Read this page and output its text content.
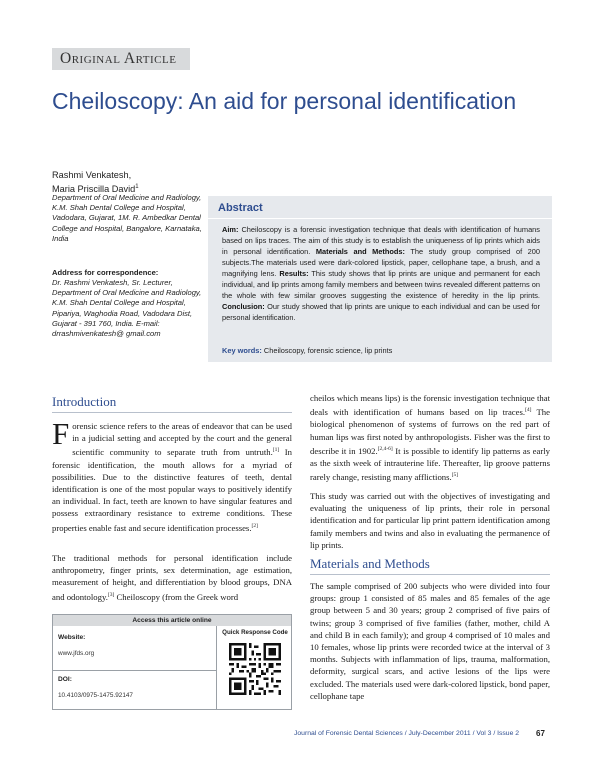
Original Article
Cheiloscopy: An aid for personal identification
Rashmi Venkatesh,
Maria Priscilla David$^1$
Department of Oral Medicine and Radiology, K.M. Shah Dental College and Hospital, Vadodara, Gujarat, 1M. R. Ambedkar Dental College and Hospital, Bangalore, Karnataka, India
Address for correspondence:
Dr. Rashmi Venkatesh, Sr. Lecturer, Department of Oral Medicine and Radiology, K.M. Shah Dental College and Hospital, Pipariya, Waghodia Road, Vadodara Dist, Gujarat - 391 760, India. E-mail: drrashmivenkatesh@ gmail.com
Abstract
Aim: Cheiloscopy is a forensic investigation technique that deals with identification of humans based on lips traces. The aim of this study is to establish the uniqueness of lip prints which aids in personal identification. Materials and Methods: The study group comprised of 200 subjects.The materials used were dark-colored lipstick, paper, cellophane tape, a brush, and a magnifying lens. Results: This study shows that lip prints are unique and permanent for each individual, and lip prints among family members and between twins revealed different patterns on the whole with few similar grooves suggesting the existence of heredity in the lip prints. Conclusion: Our study showed that lip prints are unique to each individual and can be used for personal identification.
Key words: Cheiloscopy, forensic science, lip prints
Introduction
Forensic science refers to the areas of endeavor that can be used in a judicial setting and accepted by the court and the general scientific community to separate truth from untruth.[1] In forensic identification, the mouth allows for a myriad of possibilities. Due to the distinctive features of teeth, dental identification is one of the most popular ways to positively identify an individual. In fact, teeth are known to have singular features and possess extraordinary resistance to extreme conditions. These properties enable fast and secure identification processes.[2]
The traditional methods for personal identification include anthropometry, finger prints, sex determination, age estimation, measurement of height, and differentiation by blood groups, DNA and odontology.[3] Cheiloscopy (from the Greek word
cheilos which means lips) is the forensic investigation technique that deals with identification of humans based on lip traces.[4] The biological phenomenon of systems of furrows on the red part of human lips was first noted by anthropologists. Fisher was the first to describe it in 1902.[2,4-6] It is possible to identify lip patterns as early as the sixth week of intrauterine life. Thereafter, lip groove patterns rarely change, resisting many afflictions.[5]
This study was carried out with the objectives of investigating and evaluating the uniqueness of lip prints, their role in personal identification and for particular lip print pattern identification among family members and twins and also in evaluating the permanence of lip prints.
Materials and Methods
The sample comprised of 200 subjects who were divided into four groups: group 1 consisted of 85 males and 85 females of the age group between 5 and 30 years; group 2 comprised of five pairs of twins; group 3 comprised of five families (father, mother, child A and child B in each family); and group 4 comprised of 10 males and 10 females, whose lip prints were recorded twice at the interval of 3 months. Subjects with inflammation of lips, trauma, malformation, deformity, surgical scars, and active lesions of the lips were excluded. The materials used were dark-colored lipstick, bond paper, cellophane tape
Access this article online
Website:
www.jfds.org
DOI:
10.4103/0975-1475.92147
Quick Response Code
Journal of Forensic Dental Sciences / July-December 2011 / Vol 3 / Issue 2 67
